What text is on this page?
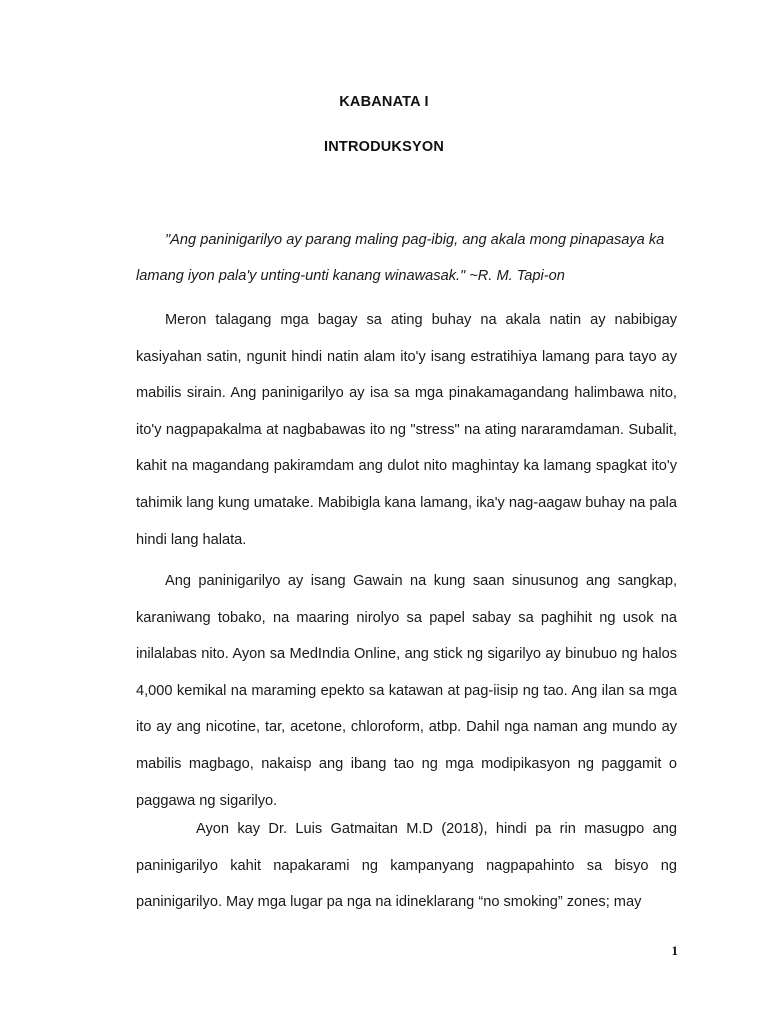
KABANATA I
INTRODUKSYON
"Ang paninigarilyo ay parang maling pag-ibig, ang akala mong pinapasaya ka lamang iyon pala'y unting-unti kanang winawasak." ~R. M. Tapi-on
Meron talagang mga bagay sa ating buhay na akala natin ay nabibigay kasiyahan satin, ngunit hindi natin alam ito'y isang estratihiya lamang para tayo ay mabilis sirain. Ang paninigarilyo ay isa sa mga pinakamagandang halimbawa nito, ito'y nagpapakalma at nagbabawas ito ng "stress" na ating nararamdaman. Subalit, kahit na magandang pakiramdam ang dulot nito maghintay ka lamang spagkat ito'y tahimik lang kung umatake. Mabibigla kana lamang, ika'y nag-aagaw buhay na pala hindi lang halata.
Ang paninigarilyo ay isang Gawain na kung saan sinusunog ang sangkap, karaniwang tobako, na maaring nirolyo sa papel sabay sa paghihit ng usok na inilalabas nito. Ayon sa MedIndia Online, ang stick ng sigarilyo ay binubuo ng halos 4,000 kemikal na maraming epekto sa katawan at pag-iisip ng tao. Ang ilan sa mga ito ay ang nicotine, tar, acetone, chloroform, atbp. Dahil nga naman ang mundo ay mabilis magbago, nakaisp ang ibang tao ng mga modipikasyon ng paggamit o paggawa ng sigarilyo.
Ayon kay Dr. Luis Gatmaitan M.D (2018), hindi pa rin masugpo ang paninigarilyo kahit napakarami ng kampanyang nagpapahinto sa bisyo ng paninigarilyo. May mga lugar pa nga na idineklarang “no smoking” zones; may
1
